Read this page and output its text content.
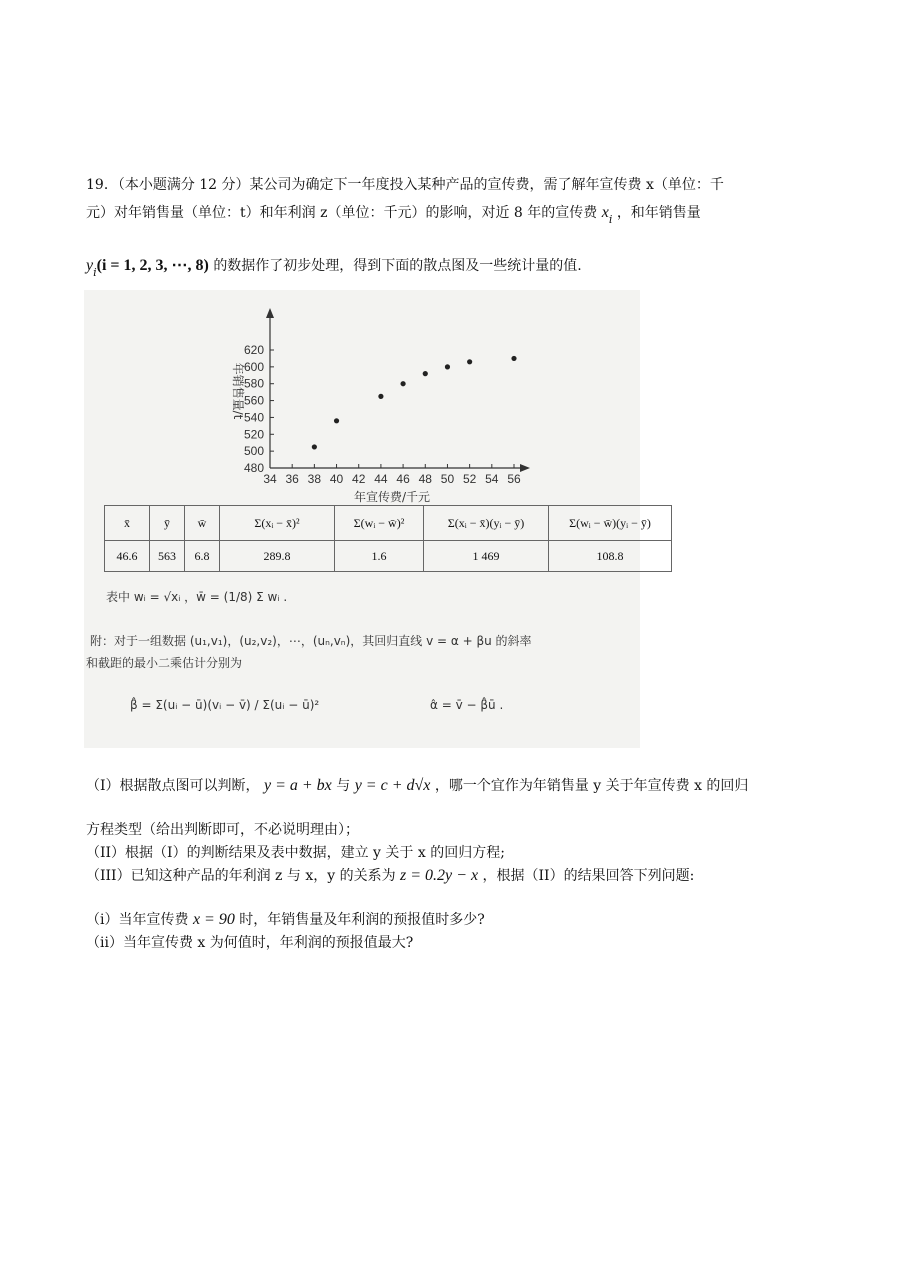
19．（本小题满分 12 分）某公司为确定下一年度投入某种产品的宣传费，需了解年宣传费 x（单位：千
元）对年销售量（单位：t）和年利润 z（单位：千元）的影响，对近 8 年的宣传费 $x_i$ ，和年销售量
$y_i(i = 1$, 2, 3, ⋯, 8) 的数据作了初步处理，得到下面的散点图及一些统计量的值.
34 36 38 40 42 44 46 48 50 52 54 56
480
500
520
540
560
580
600
620
年宣传费/千元
年销售量/t
x̄	ȳ	w̄	Σ(xᵢ − x̄)²	Σ(wᵢ − w̄)²	Σ(xᵢ − x̄)(yᵢ − ȳ)	Σ(wᵢ − w̄)(yᵢ − ȳ)
46.6	563	6.8	289.8	1.6	1 469	108.8
表中 wᵢ = √xᵢ ，w̄ = (1/8) Σ wᵢ .
附：对于一组数据 (u₁,v₁)，(u₂,v₂)，⋯，(uₙ,vₙ)，其回归直线 v = α + βu 的斜率
和截距的最小二乘估计分别为
β̂ = Σ(uᵢ − ū)(vᵢ − v̄) / Σ(uᵢ − ū)²	α̂ = v̄ − β̂ū .
（I）根据散点图可以判断， y = a + bx 与 y = c + d√x ，哪一个宜作为年销售量 y 关于年宣传费 x 的回归
方程类型（给出判断即可，不必说明理由）；
（II）根据（I）的判断结果及表中数据，建立 y 关于 x 的回归方程;
（III）已知这种产品的年利润 z 与 x，y 的关系为 z = 0.2y − x ，根据（II）的结果回答下列问题:
（i）当年宣传费 x = 90 时，年销售量及年利润的预报值时多少?
（ii）当年宣传费 x 为何值时，年利润的预报值最大?
